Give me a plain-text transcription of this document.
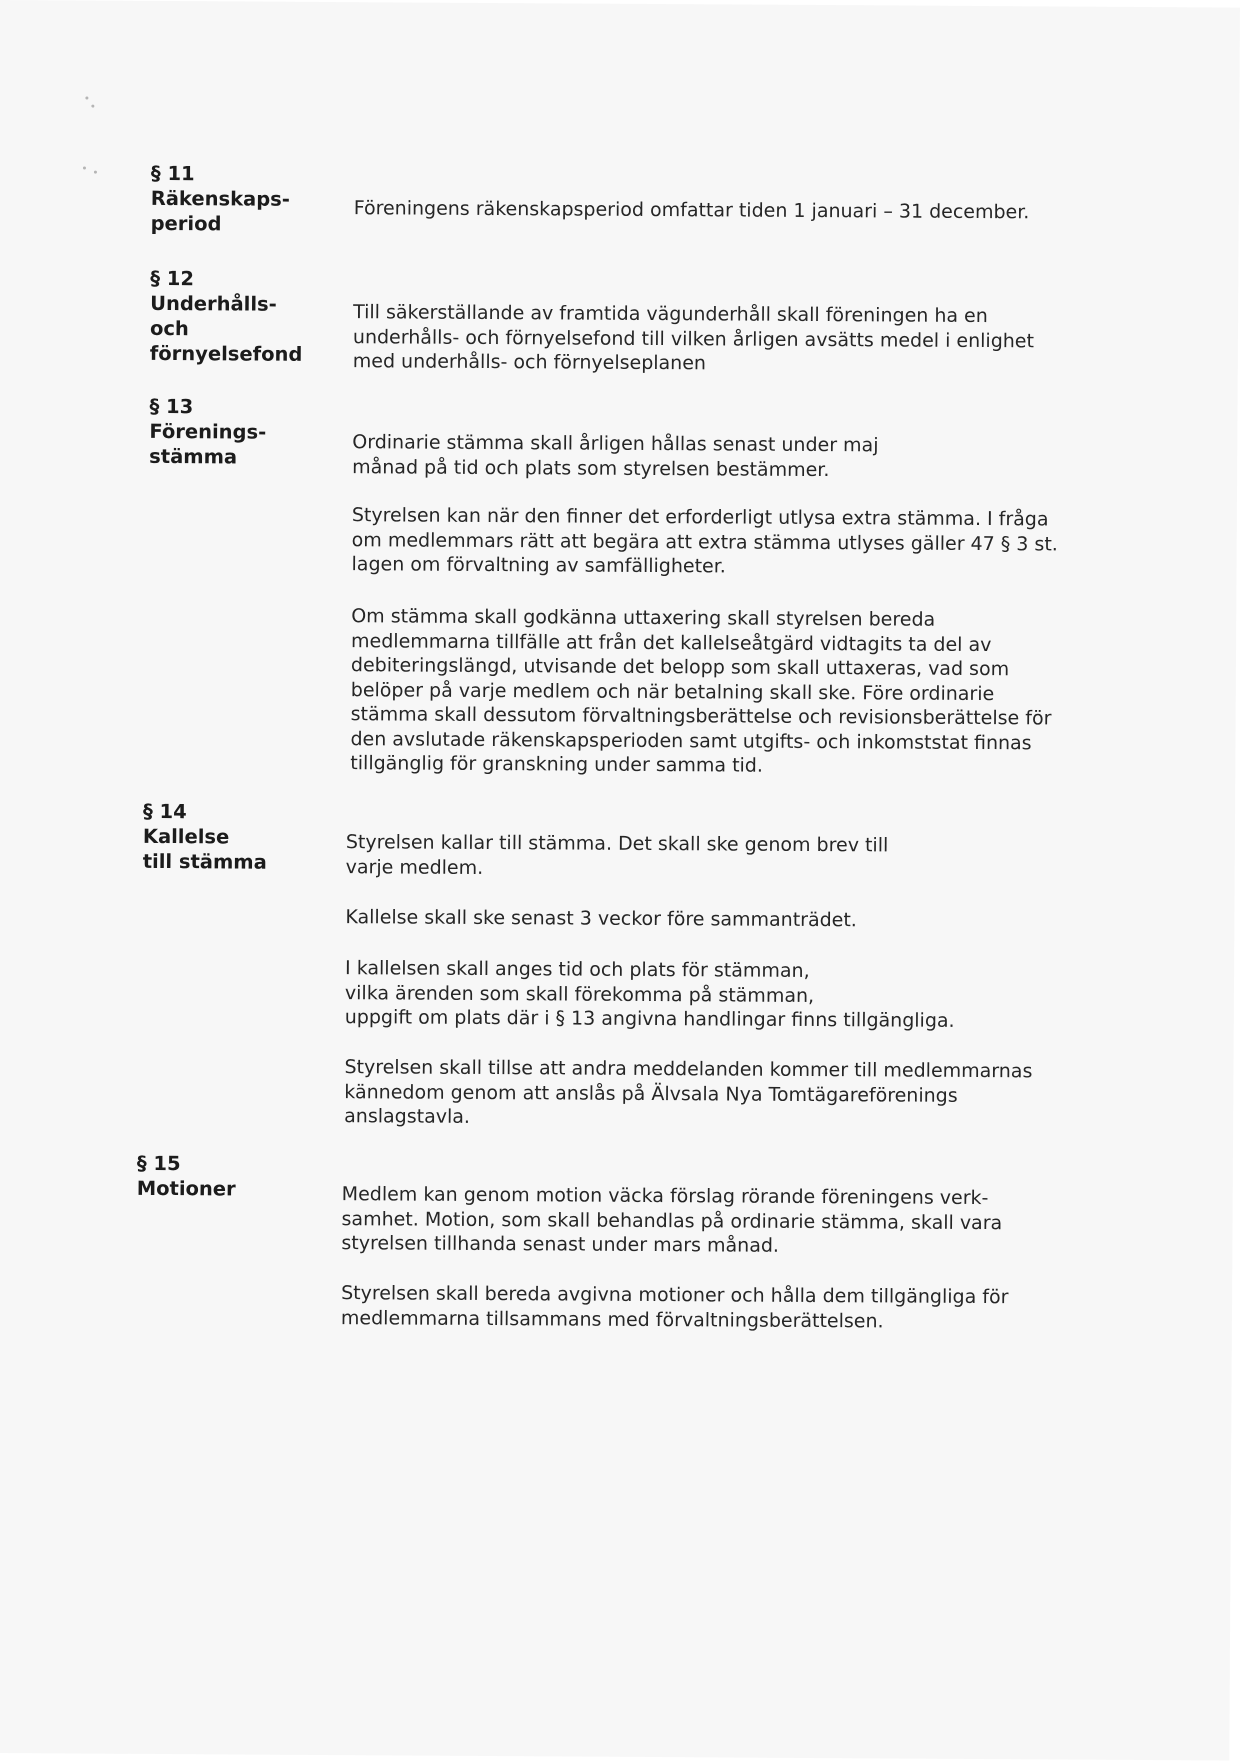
§ 11
Räkenskaps-
period
Föreningens räkenskapsperiod omfattar tiden 1 januari – 31 december.
§ 12
Underhålls-
och
förnyelsefond
Till säkerställande av framtida vägunderhåll skall föreningen ha en
underhålls- och förnyelsefond till vilken årligen avsätts medel i enlighet
med underhålls- och förnyelseplanen
§ 13
Förenings-
stämma
Ordinarie stämma skall årligen hållas senast under maj
månad på tid och plats som styrelsen bestämmer.
Styrelsen kan när den finner det erforderligt utlysa extra stämma. I fråga
om medlemmars rätt att begära att extra stämma utlyses gäller 47 § 3 st.
lagen om förvaltning av samfälligheter.
Om stämma skall godkänna uttaxering skall styrelsen bereda
medlemmarna tillfälle att från det kallelseåtgärd vidtagits ta del av
debiteringslängd, utvisande det belopp som skall uttaxeras, vad som
belöper på varje medlem och när betalning skall ske. Före ordinarie
stämma skall dessutom förvaltningsberättelse och revisionsberättelse för
den avslutade räkenskapsperioden samt utgifts- och inkomststat finnas
tillgänglig för granskning under samma tid.
§ 14
Kallelse
till stämma
Styrelsen kallar till stämma. Det skall ske genom brev till
varje medlem.
Kallelse skall ske senast 3 veckor före sammanträdet.
I kallelsen skall anges tid och plats för stämman,
vilka ärenden som skall förekomma på stämman,
uppgift om plats där i § 13 angivna handlingar finns tillgängliga.
Styrelsen skall tillse att andra meddelanden kommer till medlemmarnas
kännedom genom att anslås på Älvsala Nya Tomtägareförenings
anslagstavla.
§ 15
Motioner	Medlem kan genom motion väcka förslag rörande föreningens verk-
samhet. Motion, som skall behandlas på ordinarie stämma, skall vara
styrelsen tillhanda senast under mars månad.
Styrelsen skall bereda avgivna motioner och hålla dem tillgängliga för
medlemmarna tillsammans med förvaltningsberättelsen.
